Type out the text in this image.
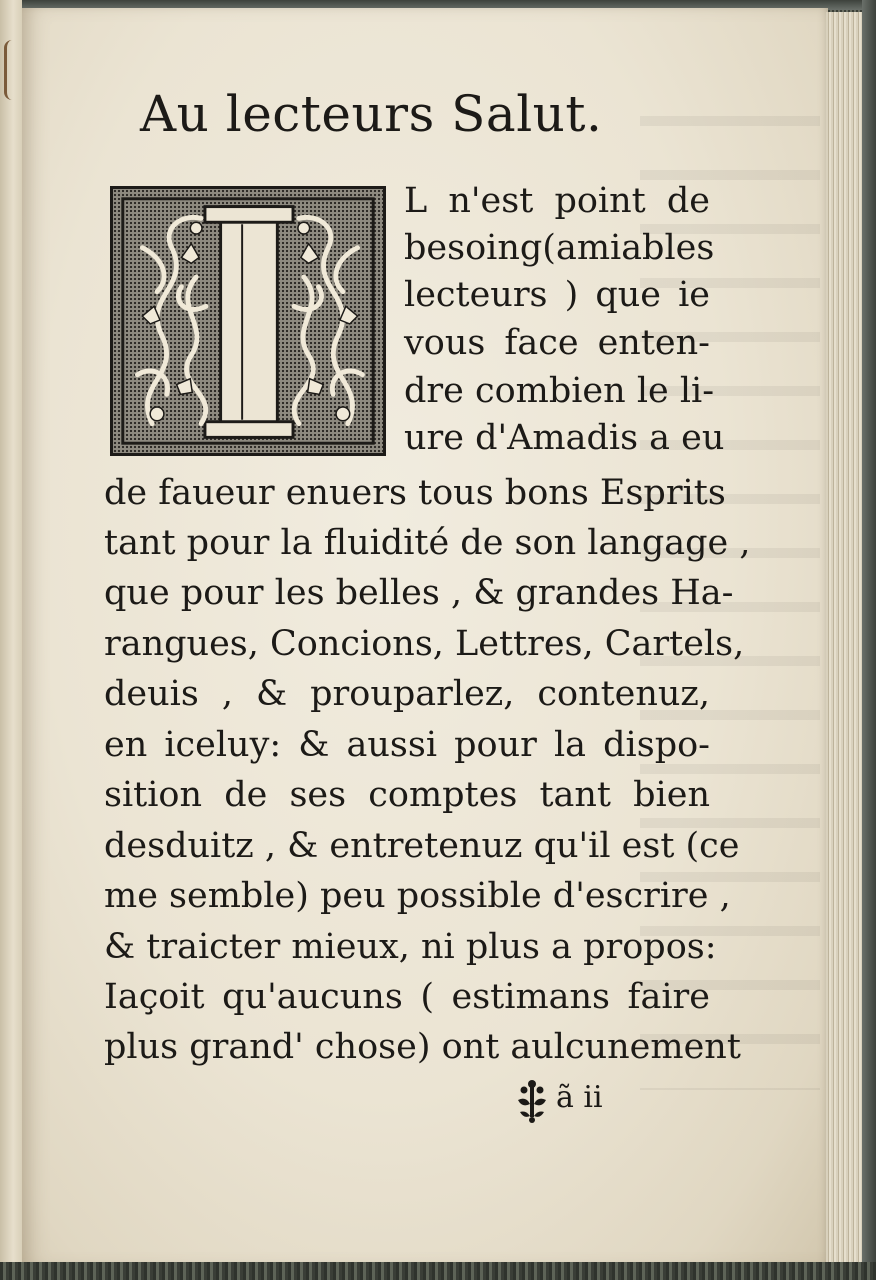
Au lecteurs Salut.
L n'est point de
besoing(amiables
lecteurs ) que ie
vous face enten-
dre combien le li-
ure d'Amadis a eu
de faueur enuers tous bons Esprits
tant pour la fluidité de son langage ,
que pour les belles , & grandes Ha-
rangues, Concions, Lettres, Cartels,
deuis , & prouparlez, contenuz,
en iceluy: & aussi pour la dispo-
sition de ses comptes tant bien
desduitz , & entretenuz qu'il est (ce
me semble) peu possible d'escrire ,
& traicter mieux, ni plus a propos:
Iaçoit qu'aucuns ( estimans faire
plus grand' chose) ont aulcunement
ã ii
